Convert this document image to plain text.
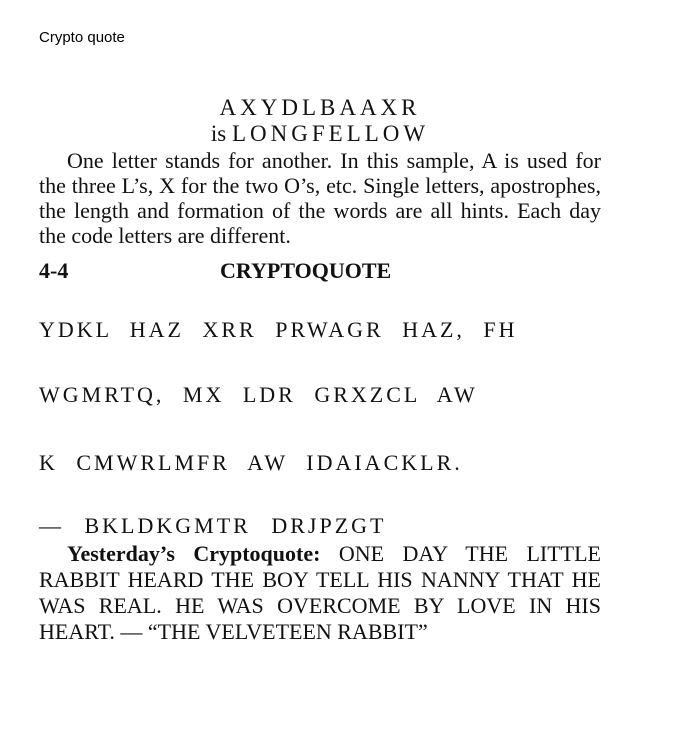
Crypto quote
AXYDLBAAXR
is LONGFELLOW
One letter stands for another. In this sample, A is used for the three L’s, X for the two O’s, etc. Single letters, apostrophes, the length and formation of the words are all hints. Each day the code letters are different.
4-4	CRYPTOQUOTE
YDKL HAZ XRR PRWAGR HAZ, FH
WGMRTQ, MX LDR GRXZCL AW
K CMWRLMFR AW IDAIACKLR.
— BKLDKGMTR DRJPZGT
Yesterday’s Cryptoquote: ONE DAY THE LITTLE RABBIT HEARD THE BOY TELL HIS NANNY THAT HE WAS REAL. HE WAS OVERCOME BY LOVE IN HIS HEART. — “THE VELVETEEN RABBIT”
